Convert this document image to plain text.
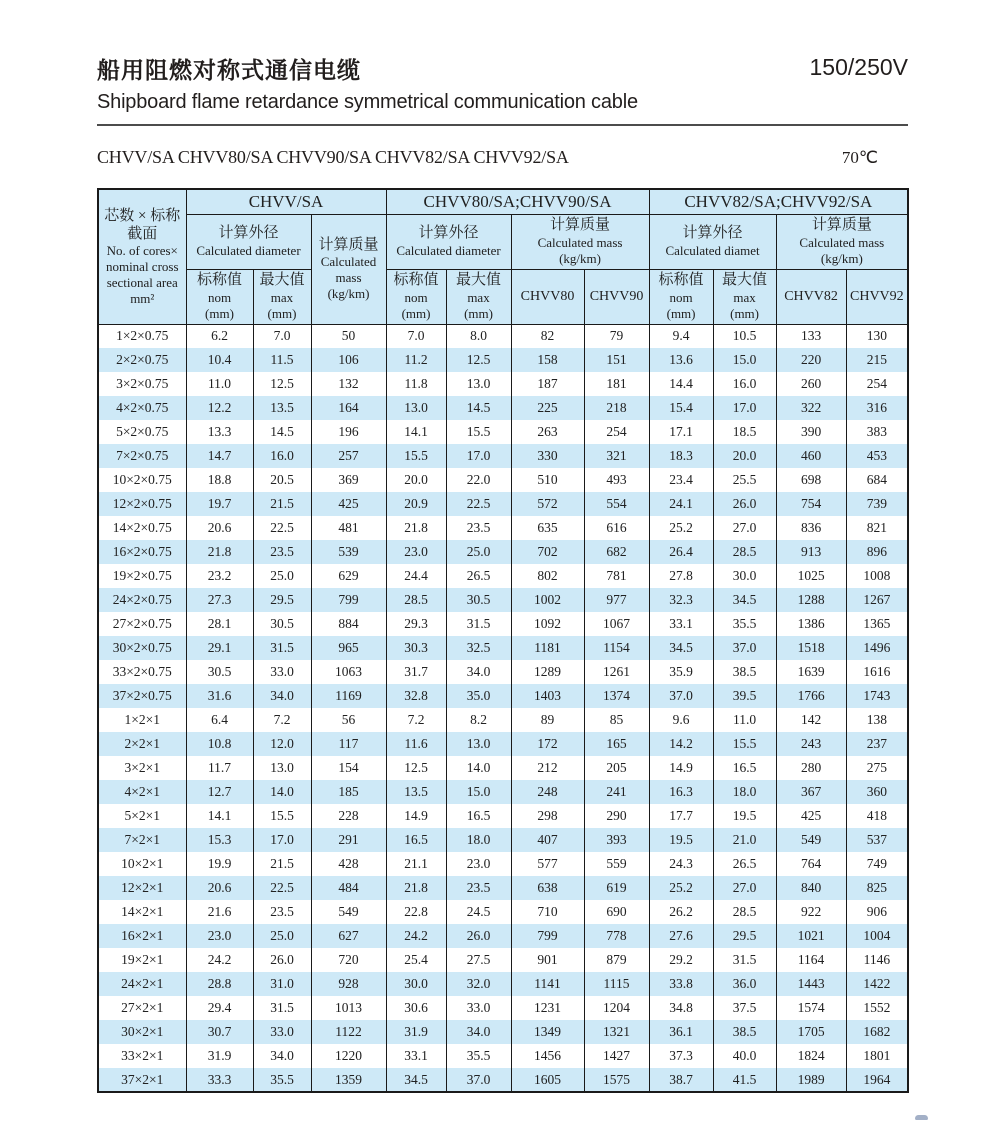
船用阻燃对称式通信电缆
Shipboard flame retardance symmetrical communication cable
150/250V
CHVV/SA CHVV80/SA CHVV90/SA CHVV82/SA CHVV92/SA	70℃
芯数 × 标称
截面
No. of cores×
nominal cross
sectional area
mm²
	CHVV/SA	CHVV80/SA;CHVV90/SA	CHVV82/SA;CHVV92/SA

	计算外径
Calculated diameter		计算质量
Calculated
mass
(kg/km)	计算外径
Calculated diameter		计算质量
Calculated mass
(kg/km)		计算外径
Calculated diamet		计算质量
Calculated mass
(kg/km)	

	标称值
nom
(mm)	最大值
max
(mm)		标称值
nom
(mm)	最大值
max
(mm)	CHVV80	CHVV90	标称值
nom
(mm)	最大值
max
(mm)	CHVV82	CHVV92
1×2×0.75	6.2	7.0	50	7.0	8.0	82	79	9.4	10.5	133	130
2×2×0.75	10.4	11.5	106	11.2	12.5	158	151	13.6	15.0	220	215
3×2×0.75	11.0	12.5	132	11.8	13.0	187	181	14.4	16.0	260	254
4×2×0.75	12.2	13.5	164	13.0	14.5	225	218	15.4	17.0	322	316
5×2×0.75	13.3	14.5	196	14.1	15.5	263	254	17.1	18.5	390	383
7×2×0.75	14.7	16.0	257	15.5	17.0	330	321	18.3	20.0	460	453
10×2×0.75	18.8	20.5	369	20.0	22.0	510	493	23.4	25.5	698	684
12×2×0.75	19.7	21.5	425	20.9	22.5	572	554	24.1	26.0	754	739
14×2×0.75	20.6	22.5	481	21.8	23.5	635	616	25.2	27.0	836	821
16×2×0.75	21.8	23.5	539	23.0	25.0	702	682	26.4	28.5	913	896
19×2×0.75	23.2	25.0	629	24.4	26.5	802	781	27.8	30.0	1025	1008
24×2×0.75	27.3	29.5	799	28.5	30.5	1002	977	32.3	34.5	1288	1267
27×2×0.75	28.1	30.5	884	29.3	31.5	1092	1067	33.1	35.5	1386	1365
30×2×0.75	29.1	31.5	965	30.3	32.5	1181	1154	34.5	37.0	1518	1496
33×2×0.75	30.5	33.0	1063	31.7	34.0	1289	1261	35.9	38.5	1639	1616
37×2×0.75	31.6	34.0	1169	32.8	35.0	1403	1374	37.0	39.5	1766	1743
1×2×1	6.4	7.2	56	7.2	8.2	89	85	9.6	11.0	142	138
2×2×1	10.8	12.0	117	11.6	13.0	172	165	14.2	15.5	243	237
3×2×1	11.7	13.0	154	12.5	14.0	212	205	14.9	16.5	280	275
4×2×1	12.7	14.0	185	13.5	15.0	248	241	16.3	18.0	367	360
5×2×1	14.1	15.5	228	14.9	16.5	298	290	17.7	19.5	425	418
7×2×1	15.3	17.0	291	16.5	18.0	407	393	19.5	21.0	549	537
10×2×1	19.9	21.5	428	21.1	23.0	577	559	24.3	26.5	764	749
12×2×1	20.6	22.5	484	21.8	23.5	638	619	25.2	27.0	840	825
14×2×1	21.6	23.5	549	22.8	24.5	710	690	26.2	28.5	922	906
16×2×1	23.0	25.0	627	24.2	26.0	799	778	27.6	29.5	1021	1004
19×2×1	24.2	26.0	720	25.4	27.5	901	879	29.2	31.5	1164	1146
24×2×1	28.8	31.0	928	30.0	32.0	1141	1115	33.8	36.0	1443	1422
27×2×1	29.4	31.5	1013	30.6	33.0	1231	1204	34.8	37.5	1574	1552
30×2×1	30.7	33.0	1122	31.9	34.0	1349	1321	36.1	38.5	1705	1682
33×2×1	31.9	34.0	1220	33.1	35.5	1456	1427	37.3	40.0	1824	1801
37×2×1	33.3	35.5	1359	34.5	37.0	1605	1575	38.7	41.5	1989	1964
